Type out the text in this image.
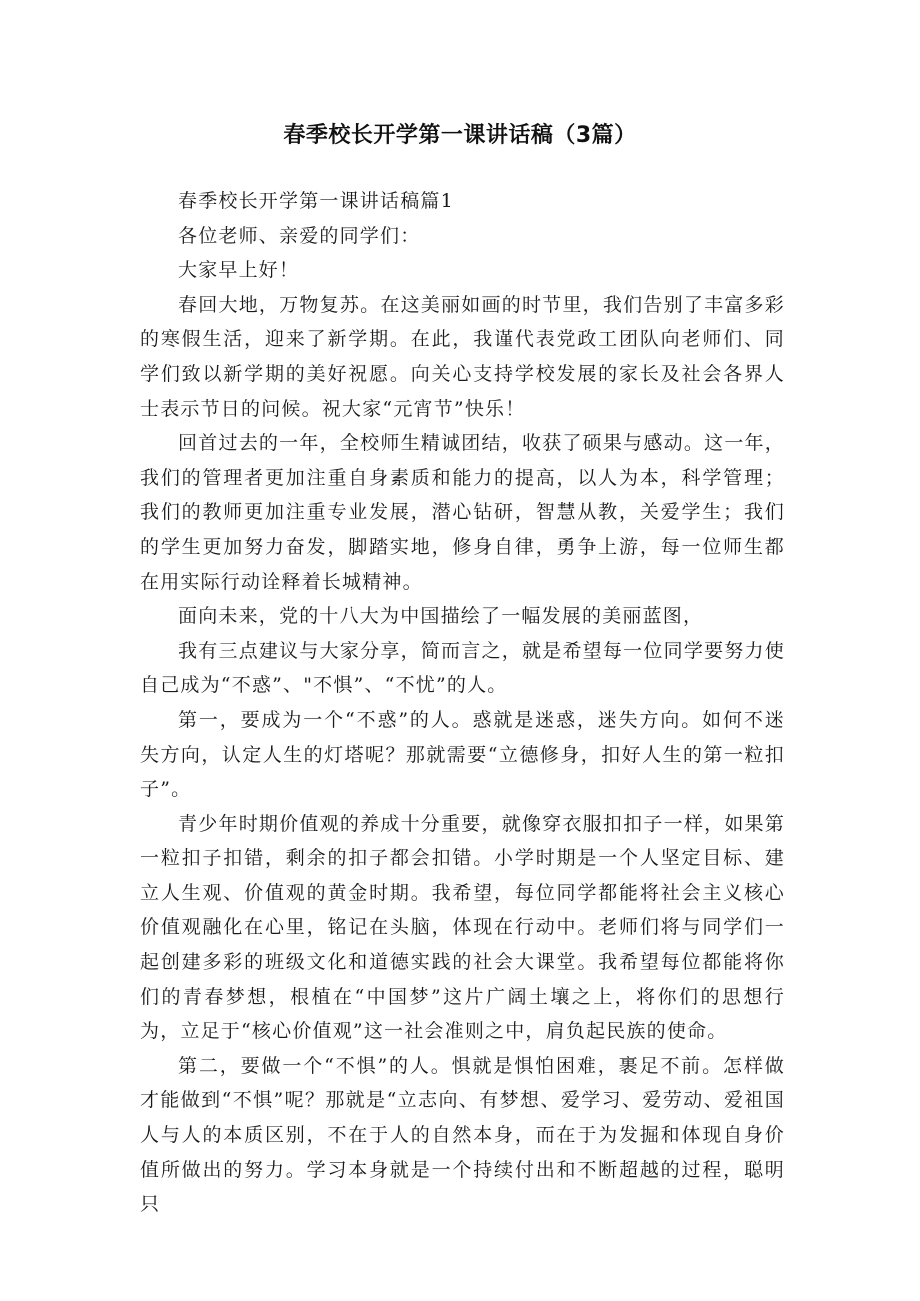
春季校长开学第一课讲话稿（3篇）

春季校长开学第一课讲话稿篇1

各位老师、亲爱的同学们：

大家早上好！

春回大地，万物复苏。在这美丽如画的时节里，我们告别了丰富多彩的寒假生活，迎来了新学期。在此，我谨代表党政工团队向老师们、同学们致以新学期的美好祝愿。向关心支持学校发展的家长及社会各界人士表示节日的问候。祝大家“元宵节”快乐！

回首过去的一年，全校师生精诚团结，收获了硕果与感动。这一年，我们的管理者更加注重自身素质和能力的提高，以人为本，科学管理；我们的教师更加注重专业发展，潜心钻研，智慧从教，关爱学生；我们的学生更加努力奋发，脚踏实地，修身自律，勇争上游，每一位师生都在用实际行动诠释着长城精神。

面向未来，党的十八大为中国描绘了一幅发展的美丽蓝图，

我有三点建议与大家分享，简而言之，就是希望每一位同学要努力使自己成为“不惑”、"不惧”、“不忧”的人。

第一，要成为一个“不惑”的人。惑就是迷惑，迷失方向。如何不迷失方向，认定人生的灯塔呢？那就需要“立德修身，扣好人生的第一粒扣子”。

青少年时期价值观的养成十分重要，就像穿衣服扣扣子一样，如果第一粒扣子扣错，剩余的扣子都会扣错。小学时期是一个人坚定目标、建立人生观、价值观的黄金时期。我希望，每位同学都能将社会主义核心价值观融化在心里，铭记在头脑，体现在行动中。老师们将与同学们一起创建多彩的班级文化和道德实践的社会大课堂。我希望每位都能将你们的青春梦想，根植在“中国梦”这片广阔土壤之上，将你们的思想行为，立足于“核心价值观”这一社会准则之中，肩负起民族的使命。

第二，要做一个“不惧”的人。惧就是惧怕困难，裹足不前。怎样做才能做到“不惧”呢？那就是“立志向、有梦想、爱学习、爱劳动、爱祖国人与人的本质区别，不在于人的自然本身，而在于为发掘和体现自身价值所做出的努力。学习本身就是一个持续付出和不断超越的过程，聪明只
